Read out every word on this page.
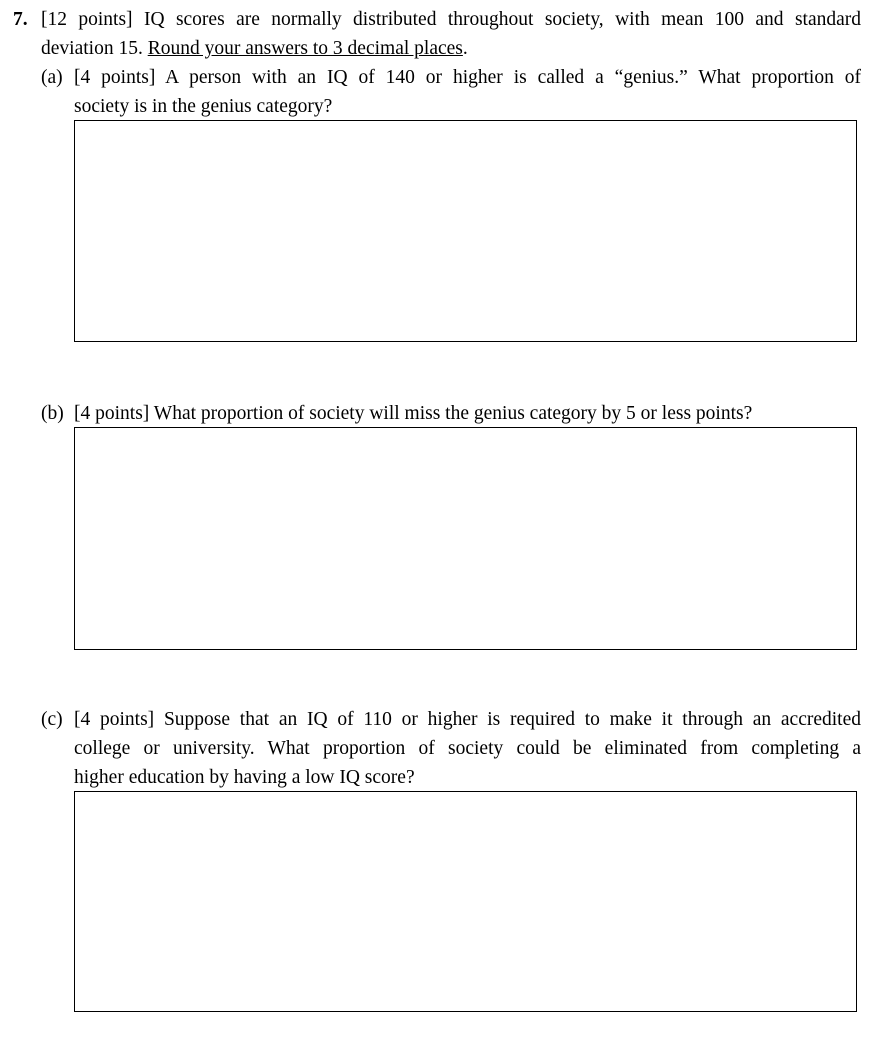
7. [12 points] IQ scores are normally distributed throughout society, with mean 100 and standard
deviation 15. Round your answers to 3 decimal places.
(a) [4 points] A person with an IQ of 140 or higher is called a “genius.” What proportion of
society is in the genius category?
(b) [4 points] What proportion of society will miss the genius category by 5 or less points?
(c) [4 points] Suppose that an IQ of 110 or higher is required to make it through an accredited
college or university. What proportion of society could be eliminated from completing a
higher education by having a low IQ score?
